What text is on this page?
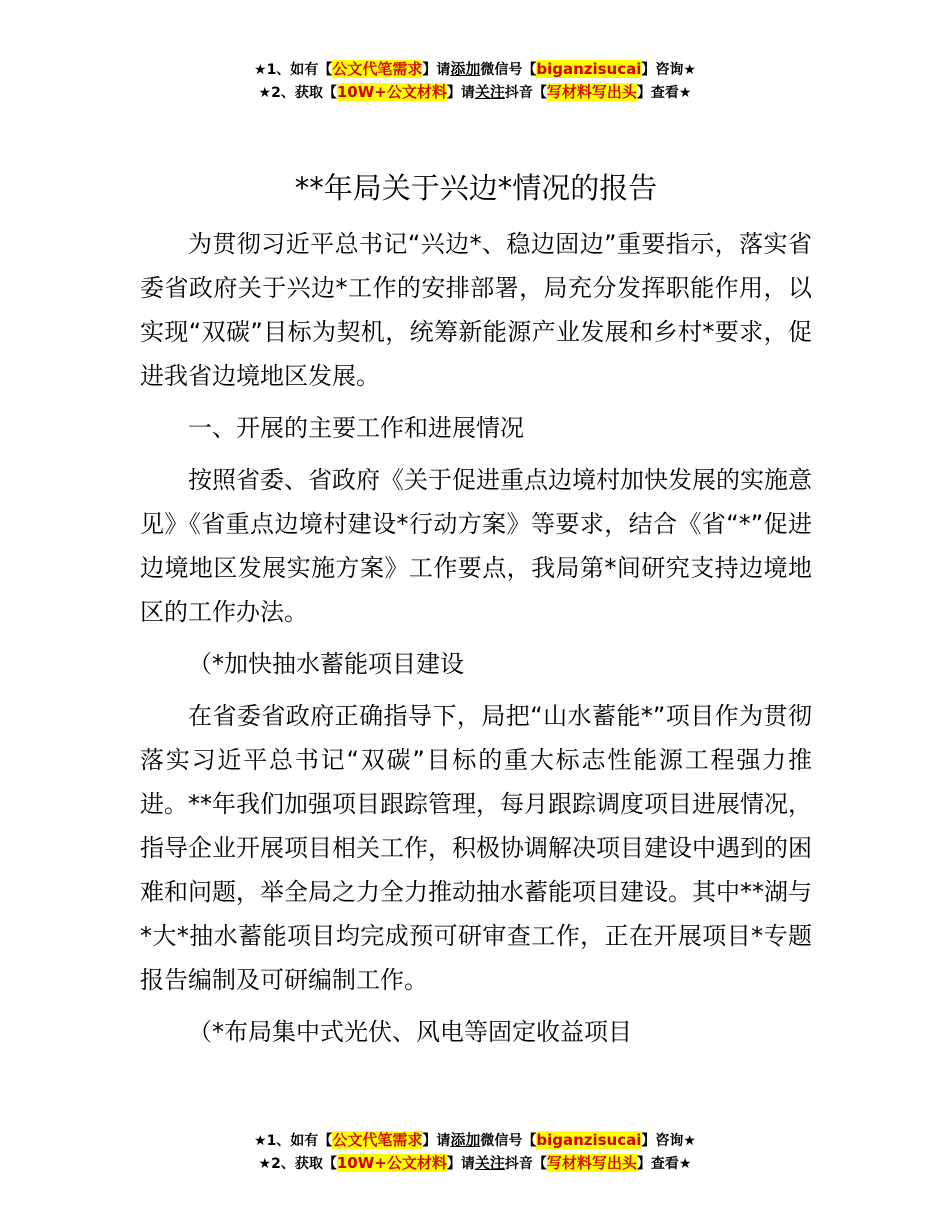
★1、如有【公文代笔需求】请添加微信号【biganzisucai】咨询★
★2、获取【10W+公文材料】请关注抖音【写材料写出头】查看★
**年局关于兴边*情况的报告
为贯彻习近平总书记“兴边*、稳边固边”重要指示，落实省委省政府关于兴边*工作的安排部署，局充分发挥职能作用，以实现“双碳”目标为契机，统筹新能源产业发展和乡村*要求，促进我省边境地区发展。
一、开展的主要工作和进展情况
按照省委、省政府《关于促进重点边境村加快发展的实施意见》《省重点边境村建设*行动方案》等要求，结合《省“*”促进边境地区发展实施方案》工作要点，我局第*间研究支持边境地区的工作办法。
（*加快抽水蓄能项目建设
在省委省政府正确指导下，局把“山水蓄能*”项目作为贯彻落实习近平总书记“双碳”目标的重大标志性能源工程强力推进。**年我们加强项目跟踪管理，每月跟踪调度项目进展情况，指导企业开展项目相关工作，积极协调解决项目建设中遇到的困难和问题，举全局之力全力推动抽水蓄能项目建设。其中**湖与*大*抽水蓄能项目均完成预可研审查工作，正在开展项目*专题报告编制及可研编制工作。
（*布局集中式光伏、风电等固定收益项目
★1、如有【公文代笔需求】请添加微信号【biganzisucai】咨询★
★2、获取【10W+公文材料】请关注抖音【写材料写出头】查看★
